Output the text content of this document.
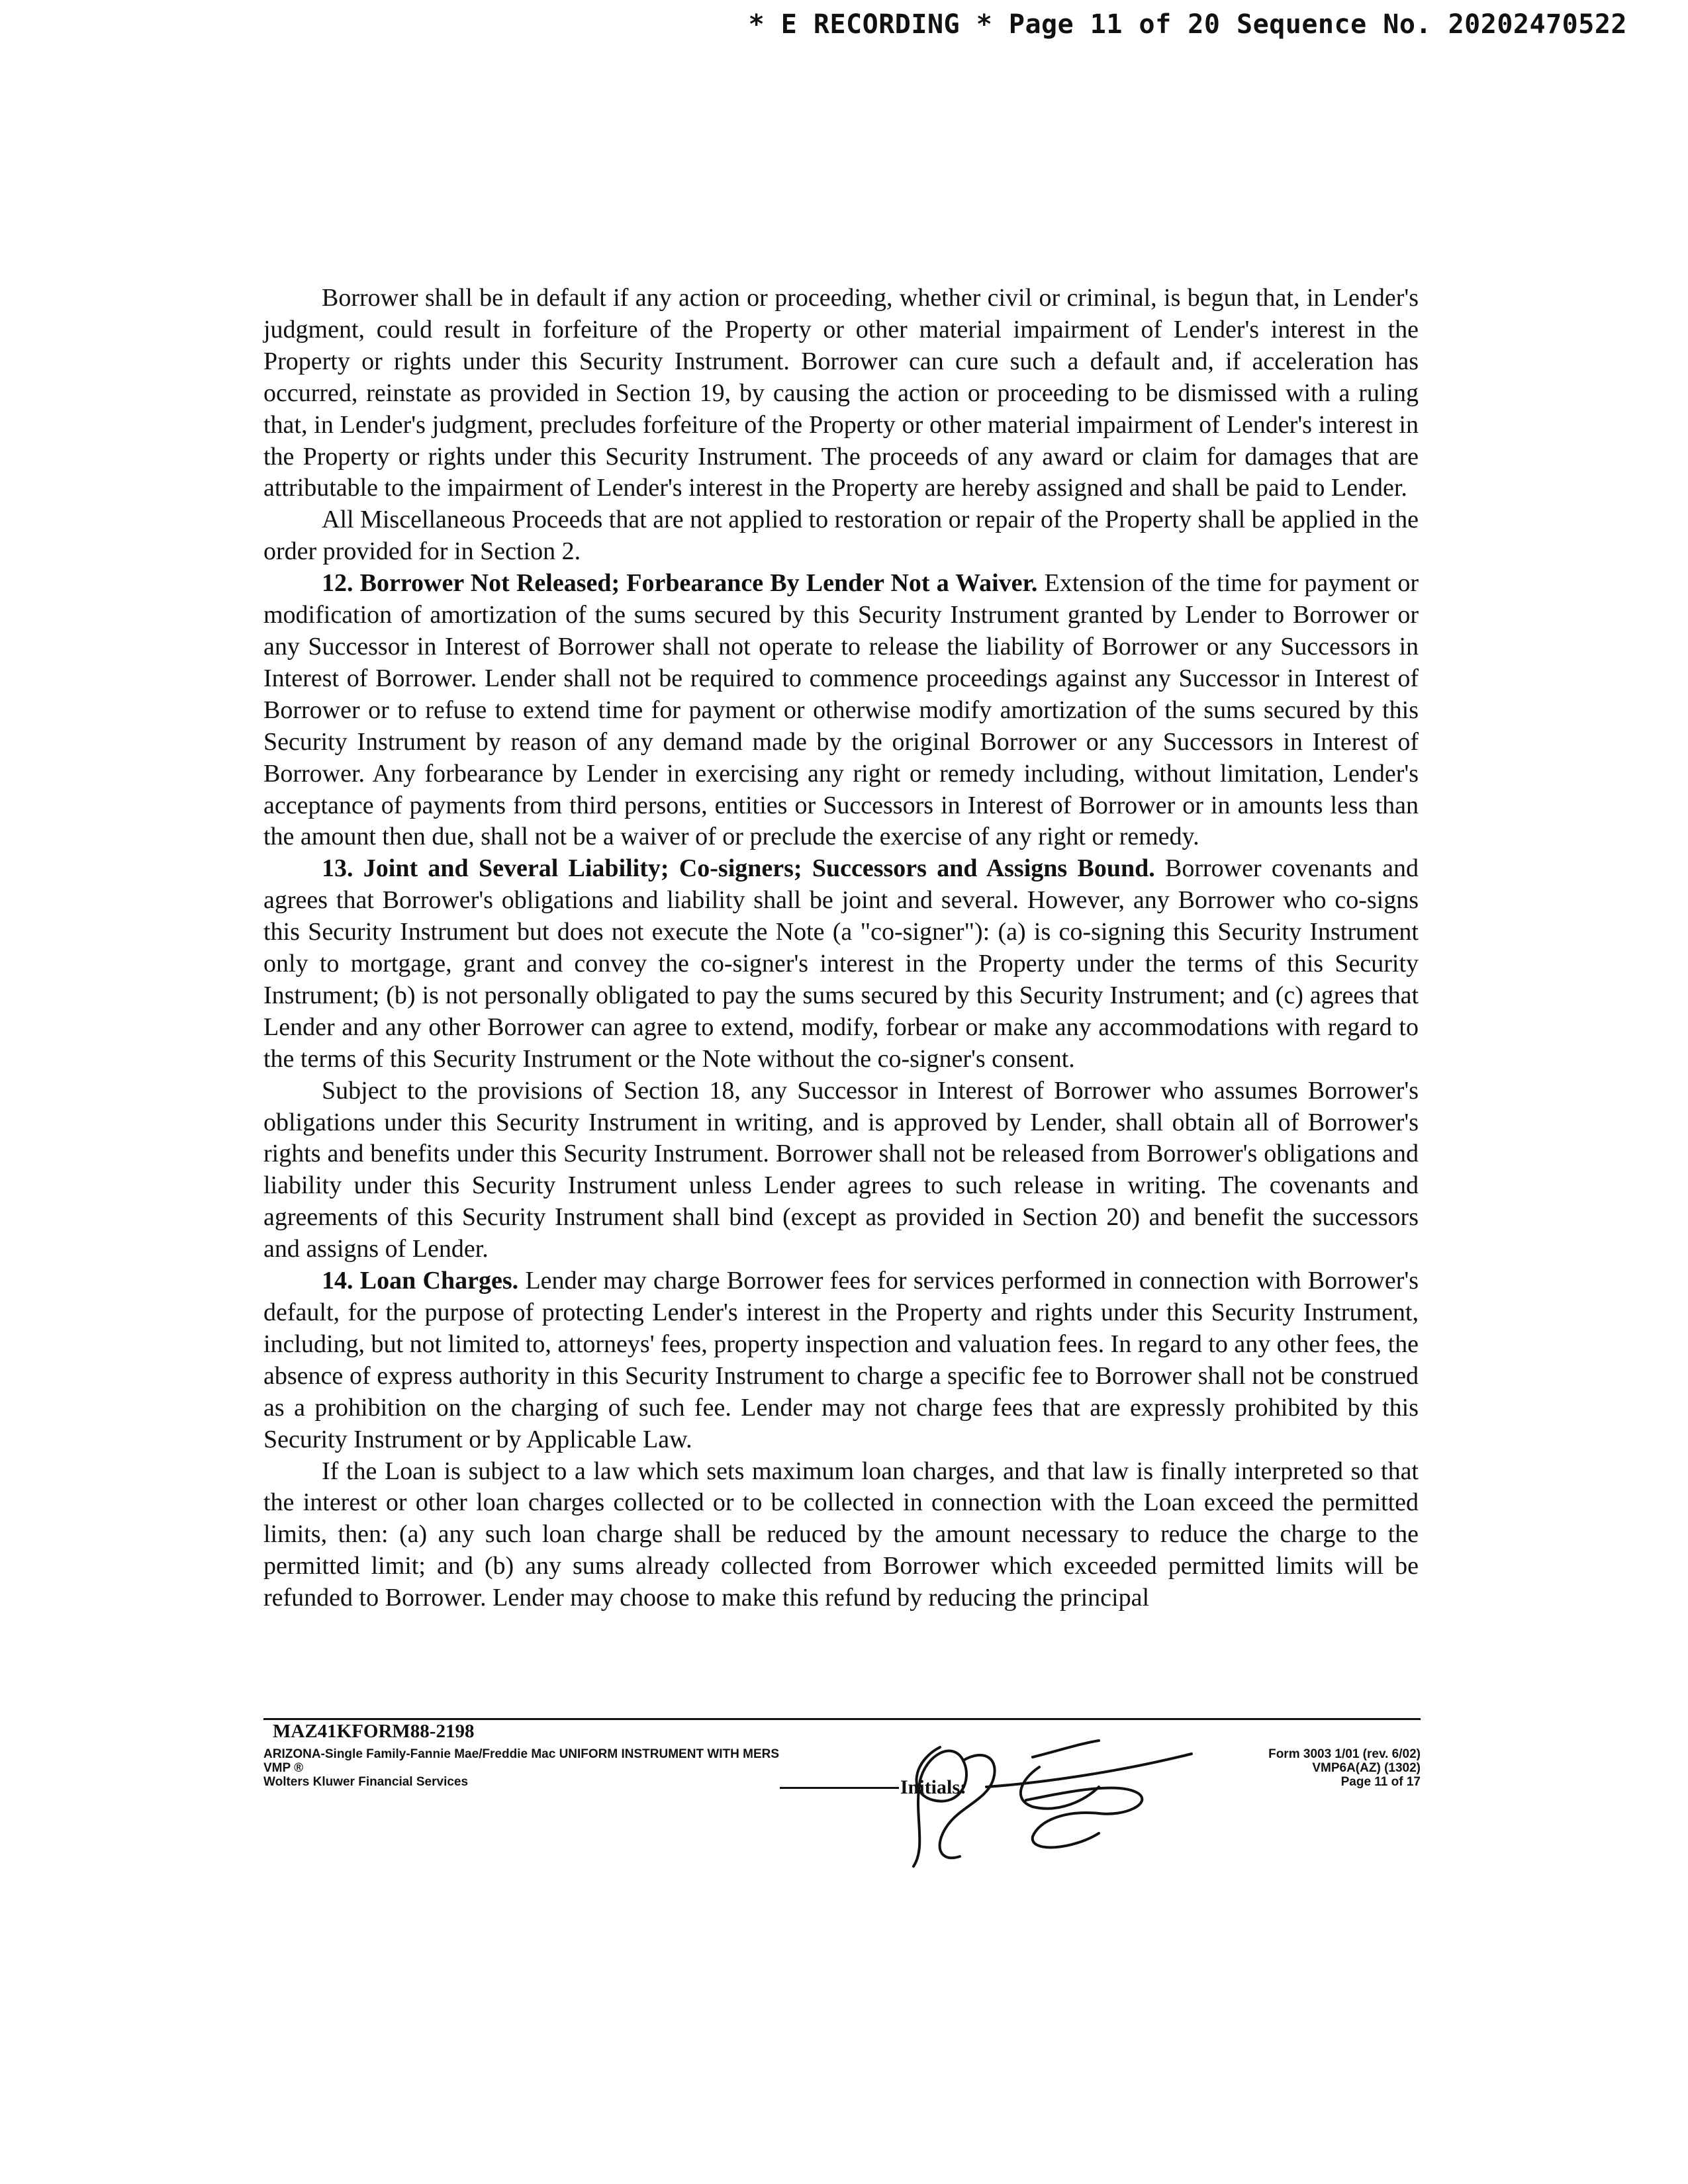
* E RECORDING * Page 11 of 20 Sequence No. 20202470522

Borrower shall be in default if any action or proceeding, whether civil or criminal, is begun that, in Lender's judgment, could result in forfeiture of the Property or other material impairment of Lender's interest in the Property or rights under this Security Instrument. Borrower can cure such a default and, if acceleration has occurred, reinstate as provided in Section 19, by causing the action or proceeding to be dismissed with a ruling that, in Lender's judgment, precludes forfeiture of the Property or other material impairment of Lender's interest in the Property or rights under this Security Instrument. The proceeds of any award or claim for damages that are attributable to the impairment of Lender's interest in the Property are hereby assigned and shall be paid to Lender.

All Miscellaneous Proceeds that are not applied to restoration or repair of the Property shall be applied in the order provided for in Section 2.

12. Borrower Not Released; Forbearance By Lender Not a Waiver. Extension of the time for payment or modification of amortization of the sums secured by this Security Instrument granted by Lender to Borrower or any Successor in Interest of Borrower shall not operate to release the liability of Borrower or any Successors in Interest of Borrower. Lender shall not be required to commence proceedings against any Successor in Interest of Borrower or to refuse to extend time for payment or otherwise modify amortization of the sums secured by this Security Instrument by reason of any demand made by the original Borrower or any Successors in Interest of Borrower. Any forbearance by Lender in exercising any right or remedy including, without limitation, Lender's acceptance of payments from third persons, entities or Successors in Interest of Borrower or in amounts less than the amount then due, shall not be a waiver of or preclude the exercise of any right or remedy.

13. Joint and Several Liability; Co-signers; Successors and Assigns Bound. Borrower covenants and agrees that Borrower's obligations and liability shall be joint and several. However, any Borrower who co-signs this Security Instrument but does not execute the Note (a "co-signer"): (a) is co-signing this Security Instrument only to mortgage, grant and convey the co-signer's interest in the Property under the terms of this Security Instrument; (b) is not personally obligated to pay the sums secured by this Security Instrument; and (c) agrees that Lender and any other Borrower can agree to extend, modify, forbear or make any accommodations with regard to the terms of this Security Instrument or the Note without the co-signer's consent.

Subject to the provisions of Section 18, any Successor in Interest of Borrower who assumes Borrower's obligations under this Security Instrument in writing, and is approved by Lender, shall obtain all of Borrower's rights and benefits under this Security Instrument. Borrower shall not be released from Borrower's obligations and liability under this Security Instrument unless Lender agrees to such release in writing. The covenants and agreements of this Security Instrument shall bind (except as provided in Section 20) and benefit the successors and assigns of Lender.

14. Loan Charges. Lender may charge Borrower fees for services performed in connection with Borrower's default, for the purpose of protecting Lender's interest in the Property and rights under this Security Instrument, including, but not limited to, attorneys' fees, property inspection and valuation fees. In regard to any other fees, the absence of express authority in this Security Instrument to charge a specific fee to Borrower shall not be construed as a prohibition on the charging of such fee. Lender may not charge fees that are expressly prohibited by this Security Instrument or by Applicable Law.

If the Loan is subject to a law which sets maximum loan charges, and that law is finally interpreted so that the interest or other loan charges collected or to be collected in connection with the Loan exceed the permitted limits, then: (a) any such loan charge shall be reduced by the amount necessary to reduce the charge to the permitted limit; and (b) any sums already collected from Borrower which exceeded permitted limits will be refunded to Borrower. Lender may choose to make this refund by reducing the principal

MAZ41KFORM88-2198
ARIZONA-Single Family-Fannie Mae/Freddie Mac UNIFORM INSTRUMENT WITH MERS
VMP ®
Wolters Kluwer Financial Services	Initials:
Form 3003 1/01 (rev. 6/02)
VMP6A(AZ) (1302)
Page 11 of 17
